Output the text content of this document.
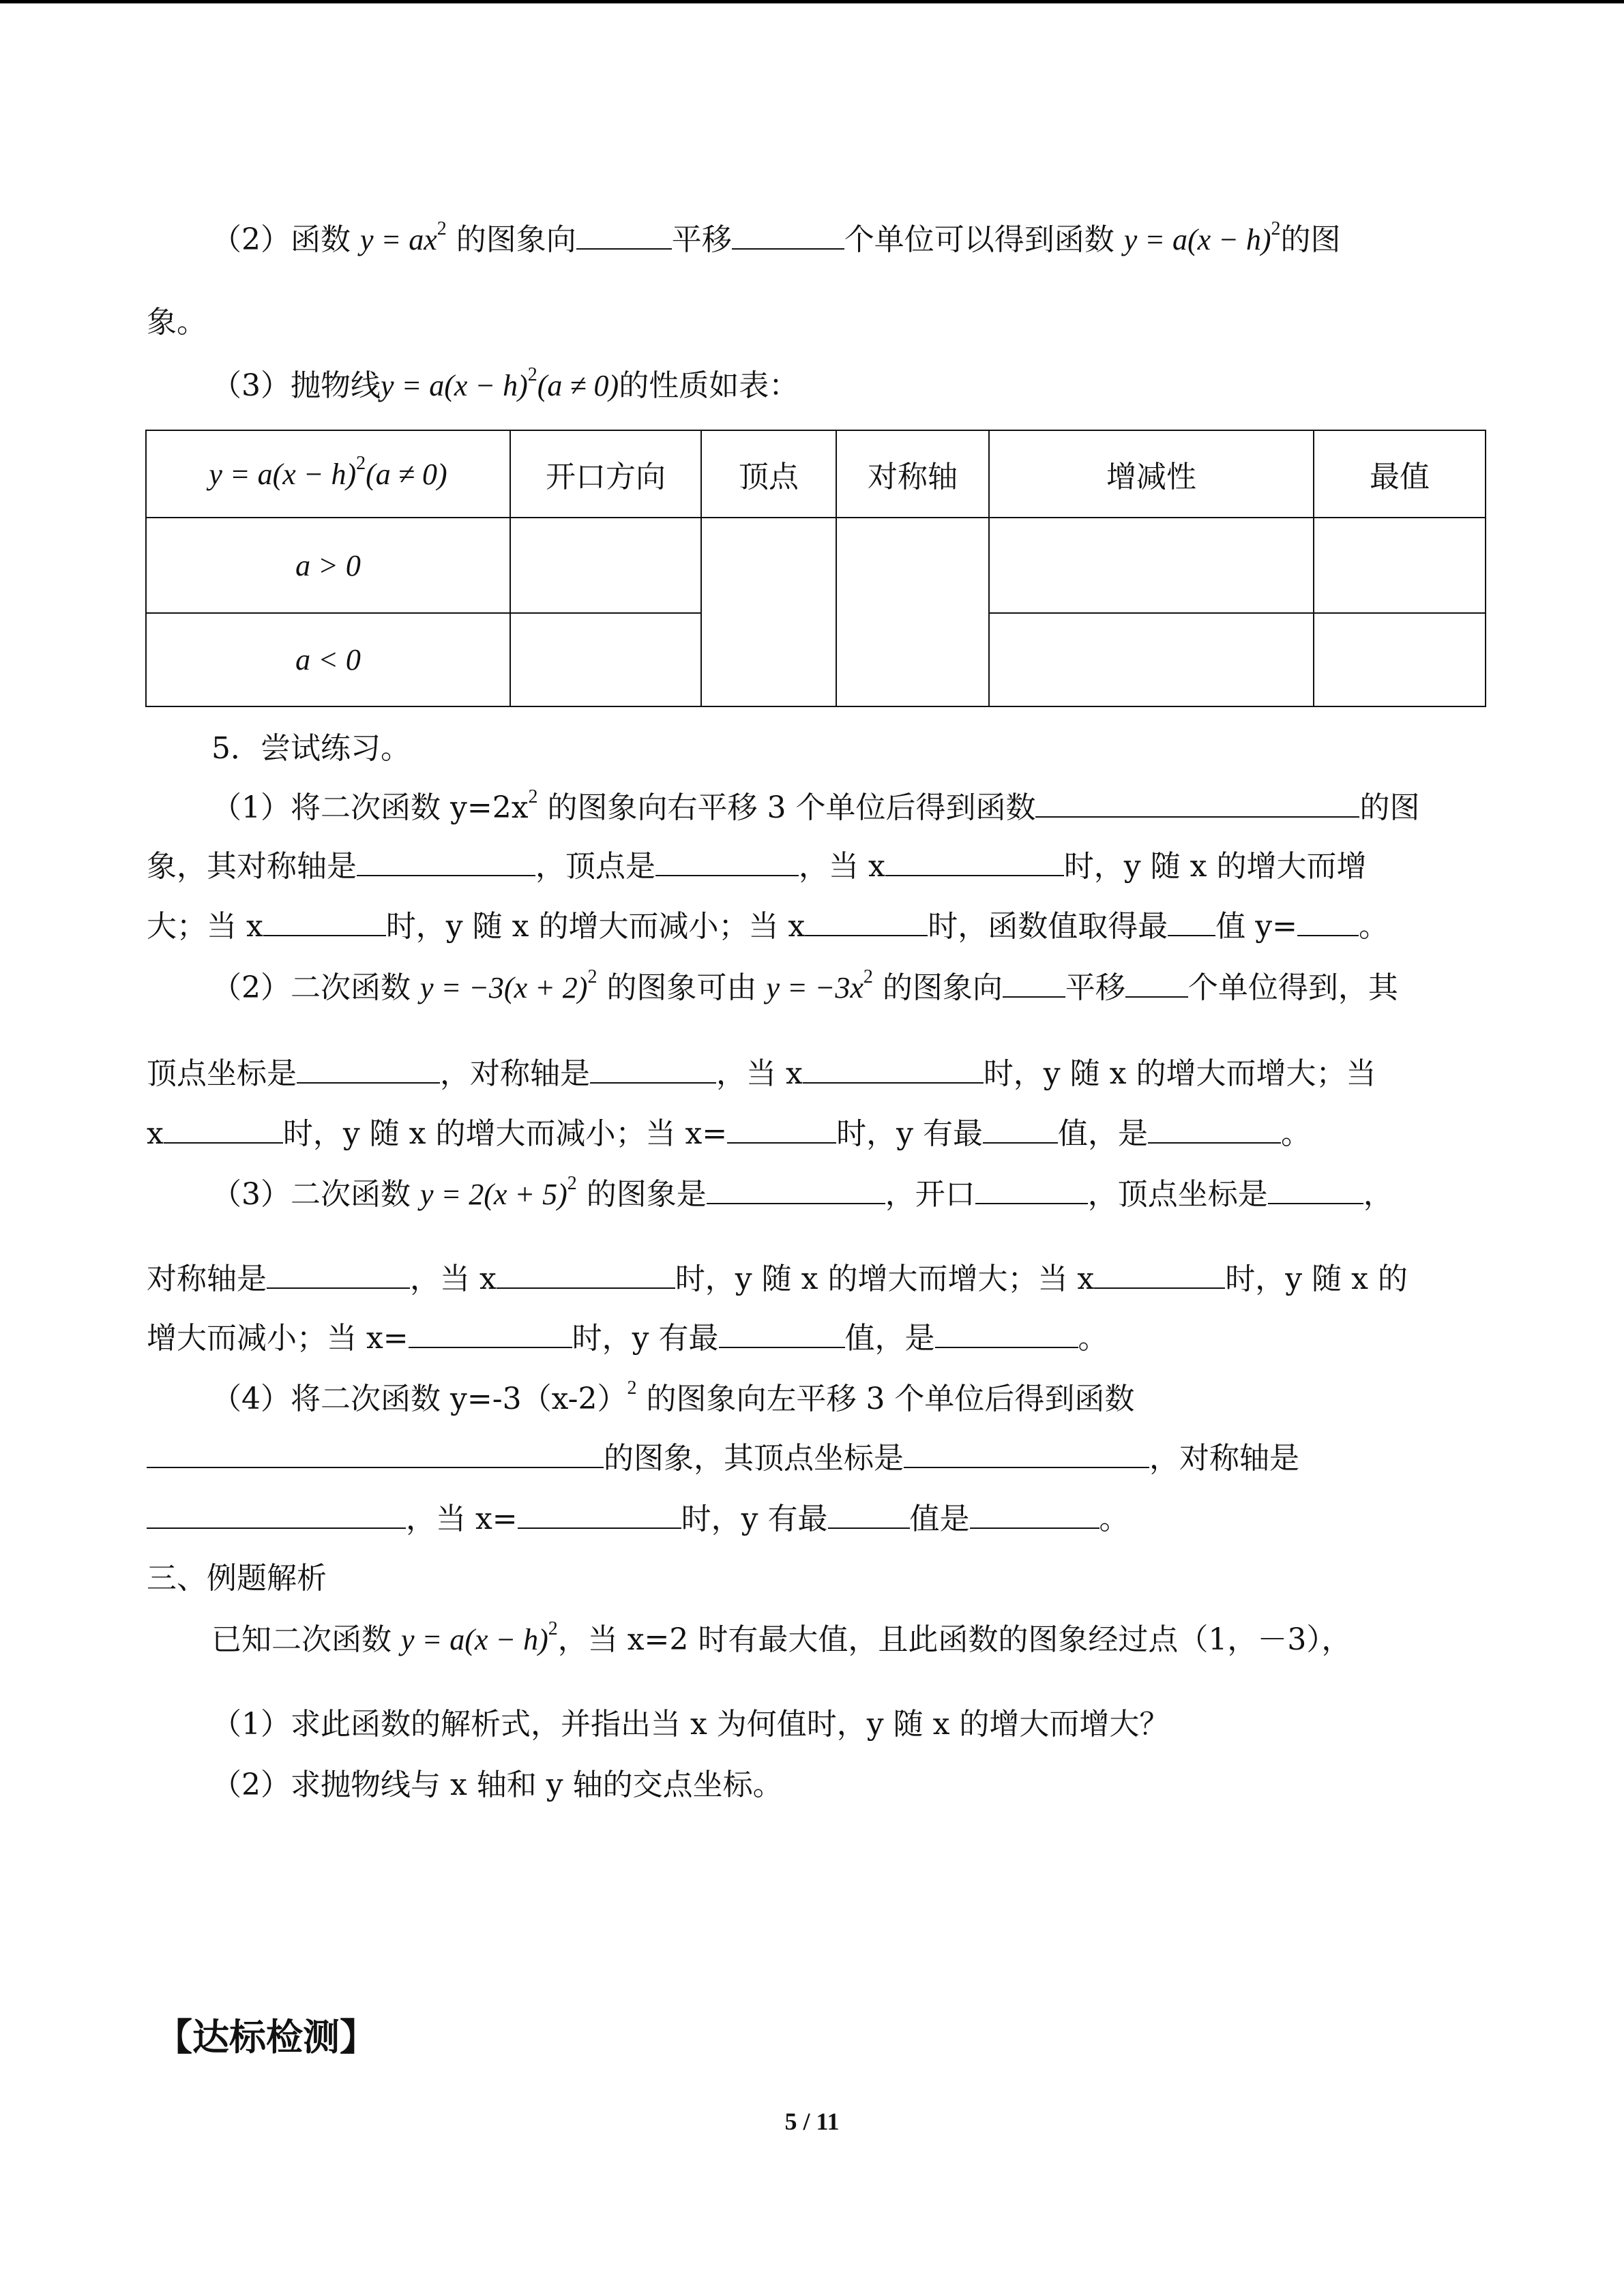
（2）函数 $y = ax^2$ 的图象向	平移	个单位可以得到函数 $y = a(x - h)^2$的图
象。
（3）抛物线$y = a(x - h)^2(a \ne 0)$的性质如表：
$y = a(x - h)^2(a \ne 0)$	开口方向	顶点	对称轴	增减性	最值
a > 0					
a < 0					
5．尝试练习。
（1）将二次函数 $y=2x^2$ 的图象向右平移 3 个单位后得到函数	的图
象，其对称轴是	，顶点是	，当 x	时，y 随 x 的增大而增
大；当 x	时，y 随 x 的增大而减小；当 x	时，函数值取得最 值 y= 。
（2）二次函数 $y = -3(x + 2)^2$ 的图象可由 $y = -3x^2$ 的图象向 平移 个单位得到，其
顶点坐标是	，对称轴是	，当 x	时，y 随 x 的增大而增大；当
x	时，y 随 x 的增大而减小；当 x=	时，y 有最	值，是	。
（3）二次函数 $y = 2(x + 5)^2$ 的图象是	，开口	，顶点坐标是	，
对称轴是	，当 x	时，y 随 x 的增大而增大；当 x	时，y 随 x 的
增大而减小；当 x=	时，y 有最	值，是	。
（4）将二次函数 $y=-3(x-2)^2$ 的图象向左平移 3 个单位后得到函数
的图象，其顶点坐标是	，对称轴是
，当 x=	时，y 有最	值是	。
三、例题解析
已知二次函数 $y = a(x - h)^2$，当 x=2 时有最大值，且此函数的图象经过点（1，－3），
（1）求此函数的解析式，并指出当 x 为何值时，y 随 x 的增大而增大？
（2）求抛物线与 x 轴和 y 轴的交点坐标。
【达标检测】
5 / 11
